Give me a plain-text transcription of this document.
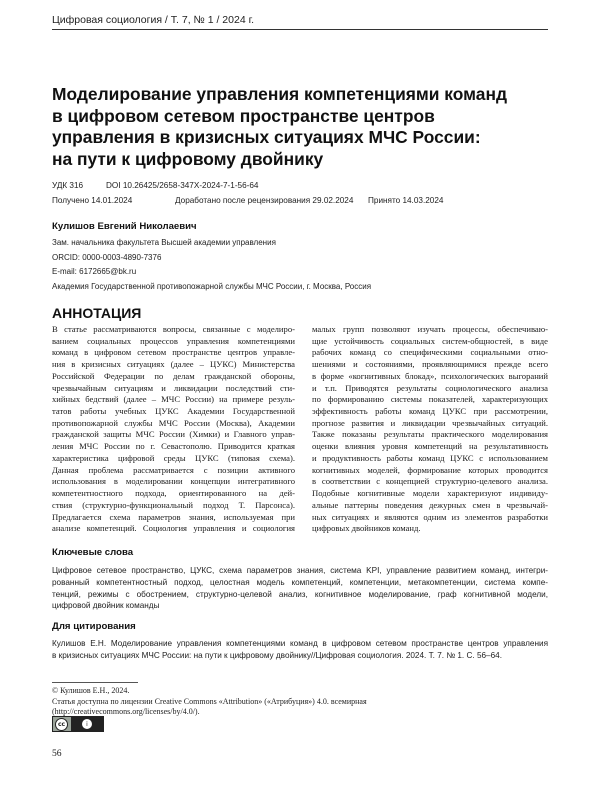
Цифровая социология / Т. 7, № 1 / 2024 г.
Моделирование управления компетенциями команд
в цифровом сетевом пространстве центров
управления в кризисных ситуациях МЧС России:
на пути к цифровому двойнику
УДК 316	DOI 10.26425/2658-347X-2024-7-1-56-64
Получено 14.01.2024	Доработано после рецензирования 29.02.2024 Принято 14.03.2024
Кулишов Евгений Николаевич
Зам. начальника факультета Высшей академии управления
ORCID: 0000-0003-4890-7376
E-mail: 6172665@bk.ru
Академия Государственной противопожарной службы МЧС России, г. Москва, Россия
АННОТАЦИЯ
В статье рассматриваются вопросы, связанные с моделиро-
ванием социальных процессов управления компетенциями
команд в цифровом сетевом пространстве центров управле-
ния в кризисных ситуациях (далее – ЦУКС) Министерства
Российской Федерации по делам гражданской обороны,
чрезвычайным ситуациям и ликвидации последствий сти-
хийных бедствий (далее – МЧС России) на примере резуль-
татов работы учебных ЦУКС Академии Государственной
противопожарной службы МЧС России (Москва), Академии
гражданской защиты МЧС России (Химки) и Главного управ-
ления МЧС России по г. Севастополю. Приводится краткая
характеристика цифровой среды ЦУКС (типовая схема).
Данная проблема рассматривается с позиции активного
использования в моделировании концепции интегративного
компетентностного подхода, ориентированного на дей-
ствия (структурно-функциональный подход Т. Парсонса).
Предлагается схема параметров знания, используемая при
анализе компетенций. Социология управления и социология
малых групп позволяют изучать процессы, обеспечиваю-
щие устойчивость социальных систем-общностей, в виде
рабочих команд со специфическими социальными отно-
шениями и состояниями, проявляющимися прежде всего
в форме «когнитивных блокад», психологических выгораний
и т.п. Приводятся результаты социологического анализа
по формированию системы показателей, характеризующих
эффективность работы команд ЦУКС при рассмотрении,
прогнозе развития и ликвидации чрезвычайных ситуаций.
Также показаны результаты практического моделирования
оценки влияния уровня компетенций на результативность
и продуктивность работы команд ЦУКС с использованием
когнитивных моделей, формирование которых проводится
в соответствии с концепцией структурно-целевого анализа.
Подобные когнитивные модели характеризуют индивиду-
альные паттерны поведения дежурных смен в чрезвычай-
ных ситуациях и являются одним из элементов разработки
цифровых двойников команд.
Ключевые слова
Цифровое сетевое пространство, ЦУКС, схема параметров знания, система KPI, управление развитием команд, интегри-
рованный компетентностный подход, целостная модель компетенций, компетенции, метакомпетенции, система компе-
тенций, режимы с обострением, структурно-целевой анализ, когнитивное моделирование, граф когнитивной модели,
цифровой двойник команды
Для цитирования
Кулишов Е.Н. Моделирование управления компетенциями команд в цифровом сетевом пространстве центров управления
в кризисных ситуациях МЧС России: на пути к цифровому двойнику//Цифровая социология. 2024. Т. 7. № 1. С. 56–64.
© Кулишов Е.Н., 2024.
Статья доступна по лицензии Creative Commons «Attribution» («Атрибуция») 4.0. всемирная
(http://creativecommons.org/licenses/by/4.0/).
cc	i
56
